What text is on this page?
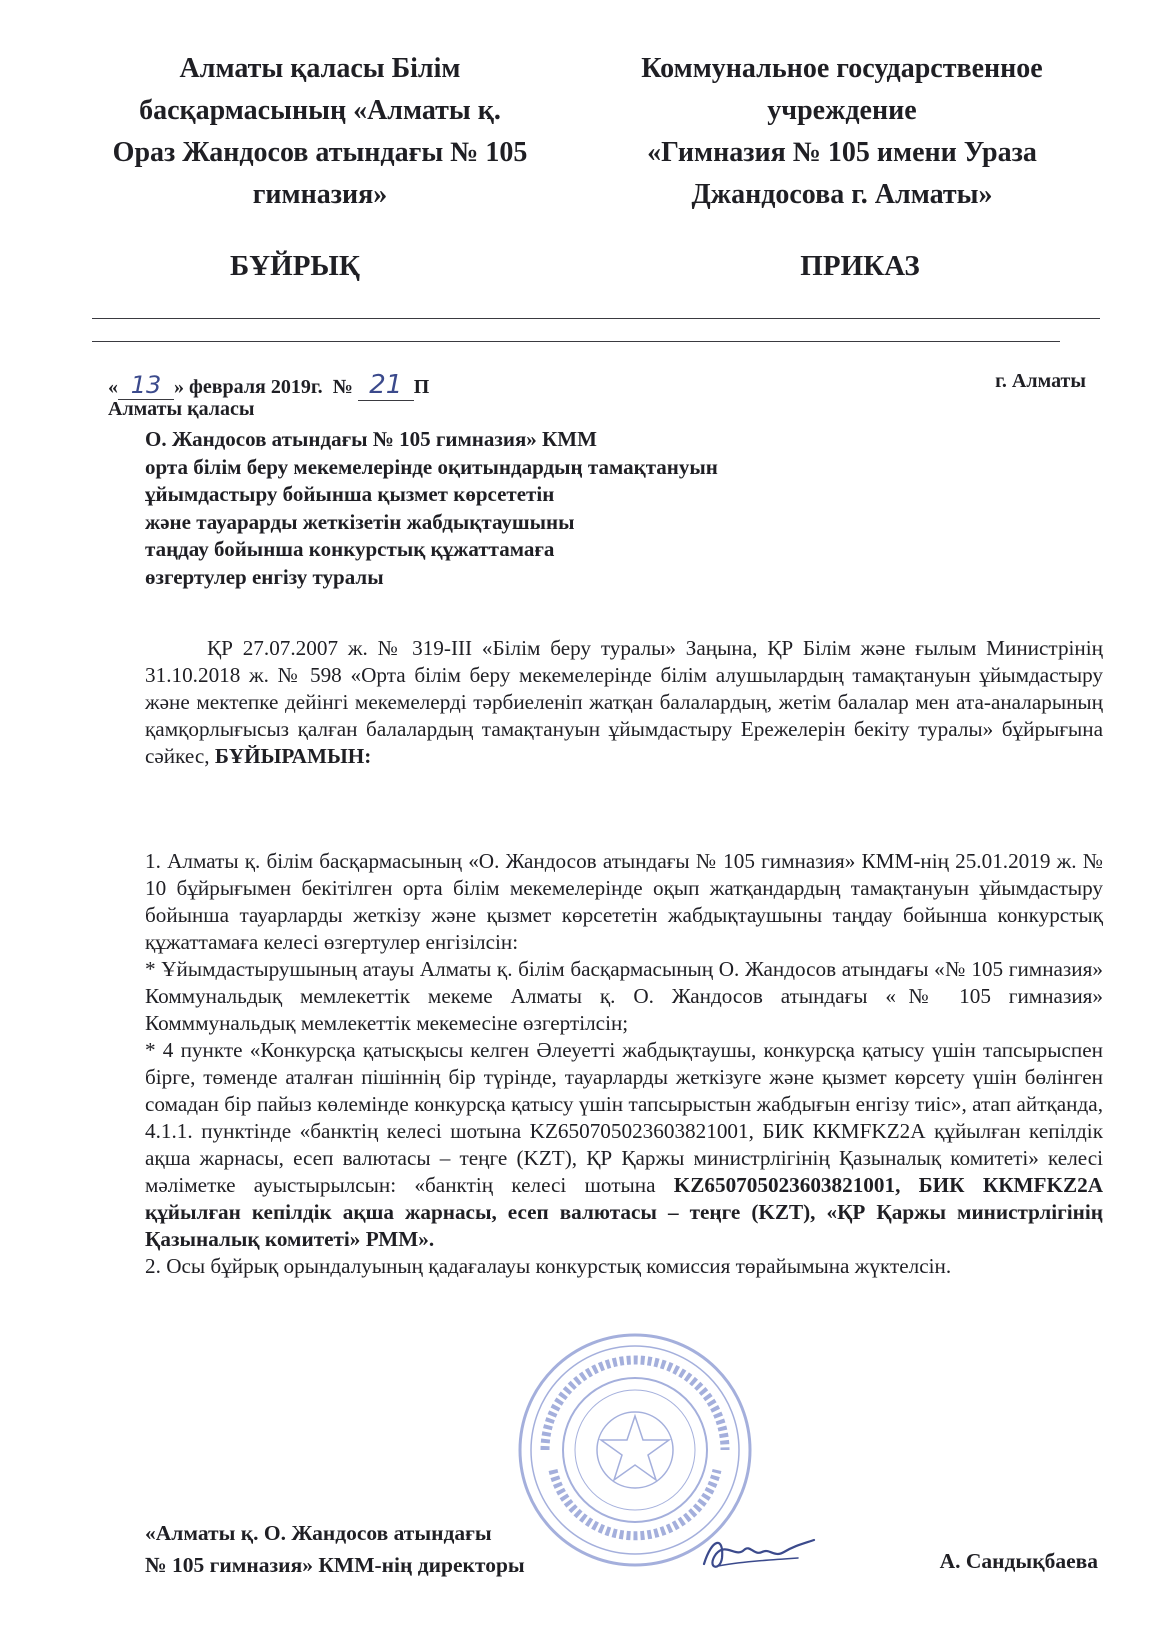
Алматы қаласы Білім
басқармасының «Алматы қ.
Ораз Жандосов атындағы № 105
гимназия»
Коммунальное государственное
учреждение
«Гимназия № 105 имени Ураза
Джандосова г. Алматы»
БҰЙРЫҚ	ПРИКАЗ
« 13 » февраля 2019г. № 21 П	г. Алматы
Алматы қаласы
О. Жандосов атындағы № 105 гимназия» КММ
орта білім беру мекемелерінде оқитындардың тамақтануын
ұйымдастыру бойынша қызмет көрсететін
және тауарарды жеткізетін жабдықтаушыны
таңдау бойынша конкурстық құжаттамаға
өзгертулер енгізу туралы
ҚР 27.07.2007 ж. № 319-ІІІ «Білім беру туралы» Заңына, ҚР Білім және ғылым Министрінің 31.10.2018 ж. № 598 «Орта білім беру мекемелерінде білім алушылардың тамақтануын ұйымдастыру және мектепке дейінгі мекемелерді тәрбиеленіп жатқан балалардың, жетім балалар мен ата-аналарының қамқорлығысыз қалған балалардың тамақтануын ұйымдастыру Ережелерін бекіту туралы» бұйрығына сәйкес, БҰЙЫРАМЫН:
1. Алматы қ. білім басқармасының «О. Жандосов атындағы № 105 гимназия» КММ-нің 25.01.2019 ж. № 10 бұйрығымен бекітілген орта білім мекемелерінде оқып жатқандардың тамақтануын ұйымдастыру бойынша тауарларды жеткізу және қызмет көрсететін жабдықтаушыны таңдау бойынша конкурстық құжаттамаға келесі өзгертулер енгізілсін:
* Ұйымдастырушының атауы Алматы қ. білім басқармасының О. Жандосов атындағы «№ 105 гимназия» Коммунальдық мемлекеттік мекеме Алматы қ. О. Жандосов атындағы «№ 105 гимназия» Комммунальдық мемлекеттік мекемесіне өзгертілсін;
* 4 пункте «Конкурсқа қатысқысы келген Әлеуетті жабдықтаушы, конкурсқа қатысу үшін тапсырыспен бірге, төменде аталған пішіннің бір түрінде, тауарларды жеткізуге және қызмет көрсету үшін бөлінген сомадан бір пайыз көлемінде конкурсқа қатысу үшін тапсырыстын жабдығын енгізу тиіс», атап айтқанда, 4.1.1. пунктінде «банктің келесі шотына KZ650705023603821001, БИК ККМFKZ2А құйылған кепілдік ақша жарнасы, есеп валютасы – теңге (KZT), ҚР Қаржы министрлігінің Қазыналық комитеті» келесі мәліметке ауыстырылсын: «банктің келесі шотына KZ650705023603821001, БИК ККМFKZ2А құйылған кепілдік ақша жарнасы, есеп валютасы – теңге (KZT), «ҚР Қаржы министрлігінің Қазыналық комитеті» РММ».
2. Осы бұйрық орындалуының қадағалауы конкурстық комиссия төрайымына жүктелсін.
«Алматы қ. О. Жандосов атындағы
№ 105 гимназия» КММ-нің директоры	А. Сандықбаева
